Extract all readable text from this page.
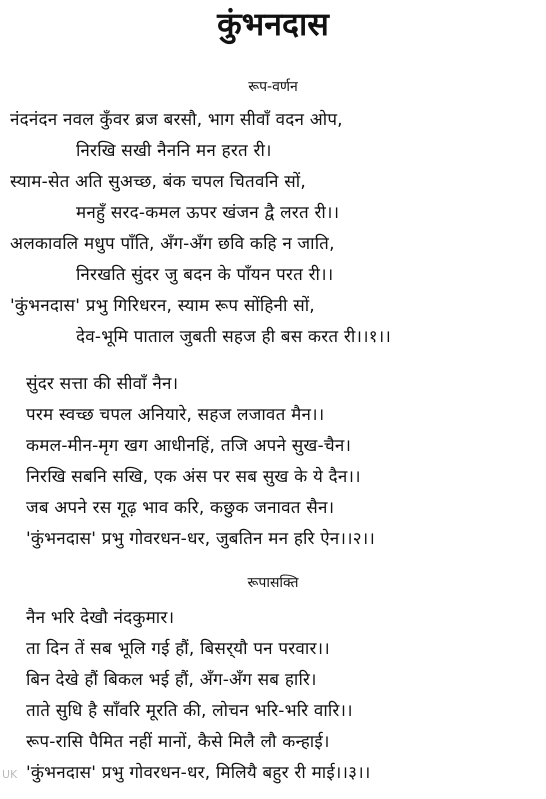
कुंभनदास
रूप-वर्णन
नंदनंदन नवल कुँवर ब्रज बरसौ, भाग सीवाँ वदन ओप,
निरखि सखी नैननि मन हरत री।
स्याम-सेत अति सुअच्छ, बंक चपल चितवनि सों,
मनहुँ सरद-कमल ऊपर खंजन द्वै लरत री।।
अलकावलि मधुप पाँति, अँग-अँग छवि कहि न जाति,
निरखति सुंदर जु बदन के पाँयन परत री।।
'कुंभनदास' प्रभु गिरिधरन, स्याम रूप सोंहिनी सों,
देव-भूमि पाताल जुबती सहज ही बस करत री।।१।।
सुंदर सत्ता की सीवाँ नैन।
परम स्वच्छ चपल अनियारे, सहज लजावत मैन।।
कमल-मीन-मृग खग आधीनहिं, तजि अपने सुख-चैन।
निरखि सबनि सखि, एक अंस पर सब सुख के ये दैन।।
जब अपने रस गूढ़ भाव करि, कछुक जनावत सैन।
'कुंभनदास' प्रभु गोवरधन-धर, जुबतिन मन हरि ऐन।।२।।
रूपासक्ति
नैन भरि देखौ नंदकुमार।
ता दिन तें सब भूलि गई हौं, बिसर्‌यौ पन परवार।।
बिन देखे हौं बिकल भई हौं, अँग-अँग सब हारि।
ताते सुधि है साँवरि मूरति की, लोचन भरि-भरि वारि।।
रूप-रासि पैमित नहीं मानों, कैसे मिलै लौ कन्हाई।
'कुंभनदास' प्रभु गोवरधन-धर, मिलियै बहुर री माई।।३।।
UK
